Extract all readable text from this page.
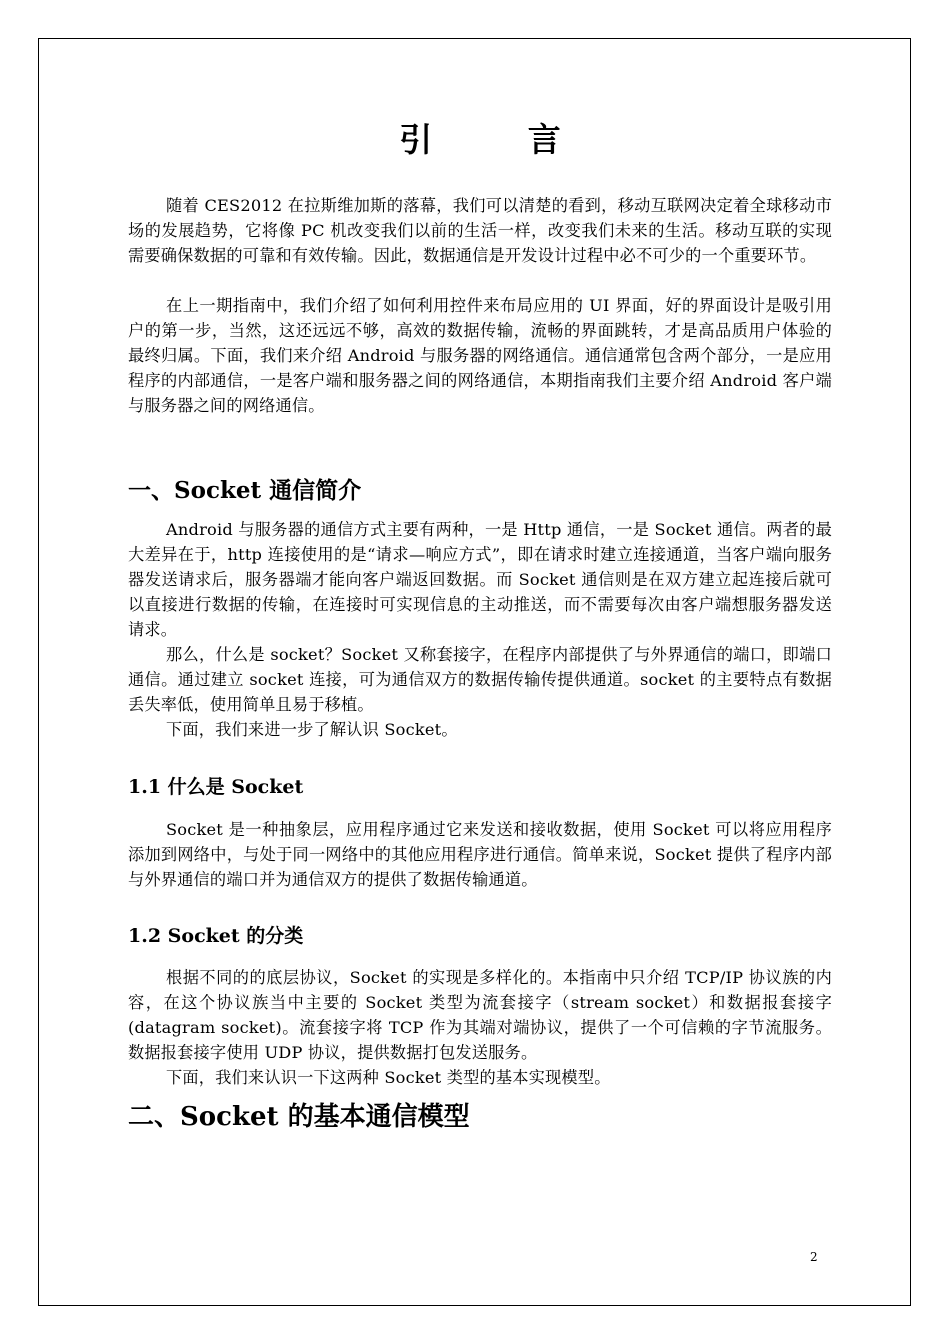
引 言

随着 CES2012 在拉斯维加斯的落幕，我们可以清楚的看到，移动互联网决定着全球移动市场的发展趋势，它将像 PC 机改变我们以前的生活一样，改变我们未来的生活。移动互联的实现需要确保数据的可靠和有效传输。因此，数据通信是开发设计过程中必不可少的一个重要环节。

在上一期指南中，我们介绍了如何利用控件来布局应用的 UI 界面，好的界面设计是吸引用户的第一步，当然，这还远远不够，高效的数据传输，流畅的界面跳转，才是高品质用户体验的最终归属。下面，我们来介绍 Android 与服务器的网络通信。通信通常包含两个部分，一是应用程序的内部通信，一是客户端和服务器之间的网络通信，本期指南我们主要介绍 Android 客户端与服务器之间的网络通信。

一、Socket 通信简介

Android 与服务器的通信方式主要有两种，一是 Http 通信，一是 Socket 通信。两者的最大差异在于，http 连接使用的是“请求—响应方式”，即在请求时建立连接通道，当客户端向服务器发送请求后，服务器端才能向客户端返回数据。而 Socket 通信则是在双方建立起连接后就可以直接进行数据的传输，在连接时可实现信息的主动推送，而不需要每次由客户端想服务器发送请求。

那么，什么是 socket？Socket 又称套接字，在程序内部提供了与外界通信的端口，即端口通信。通过建立 socket 连接，可为通信双方的数据传输传提供通道。socket 的主要特点有数据丢失率低，使用简单且易于移植。

下面，我们来进一步了解认识 Socket。

1.1 什么是 Socket

Socket 是一种抽象层，应用程序通过它来发送和接收数据，使用 Socket 可以将应用程序添加到网络中，与处于同一网络中的其他应用程序进行通信。简单来说，Socket 提供了程序内部与外界通信的端口并为通信双方的提供了数据传输通道。

1.2 Socket 的分类

根据不同的的底层协议，Socket 的实现是多样化的。本指南中只介绍 TCP/IP 协议族的内容，在这个协议族当中主要的 Socket 类型为流套接字（stream socket）和数据报套接字(datagram socket)。流套接字将 TCP 作为其端对端协议，提供了一个可信赖的字节流服务。数据报套接字使用 UDP 协议，提供数据打包发送服务。

下面，我们来认识一下这两种 Socket 类型的基本实现模型。

二、Socket 的基本通信模型
2
